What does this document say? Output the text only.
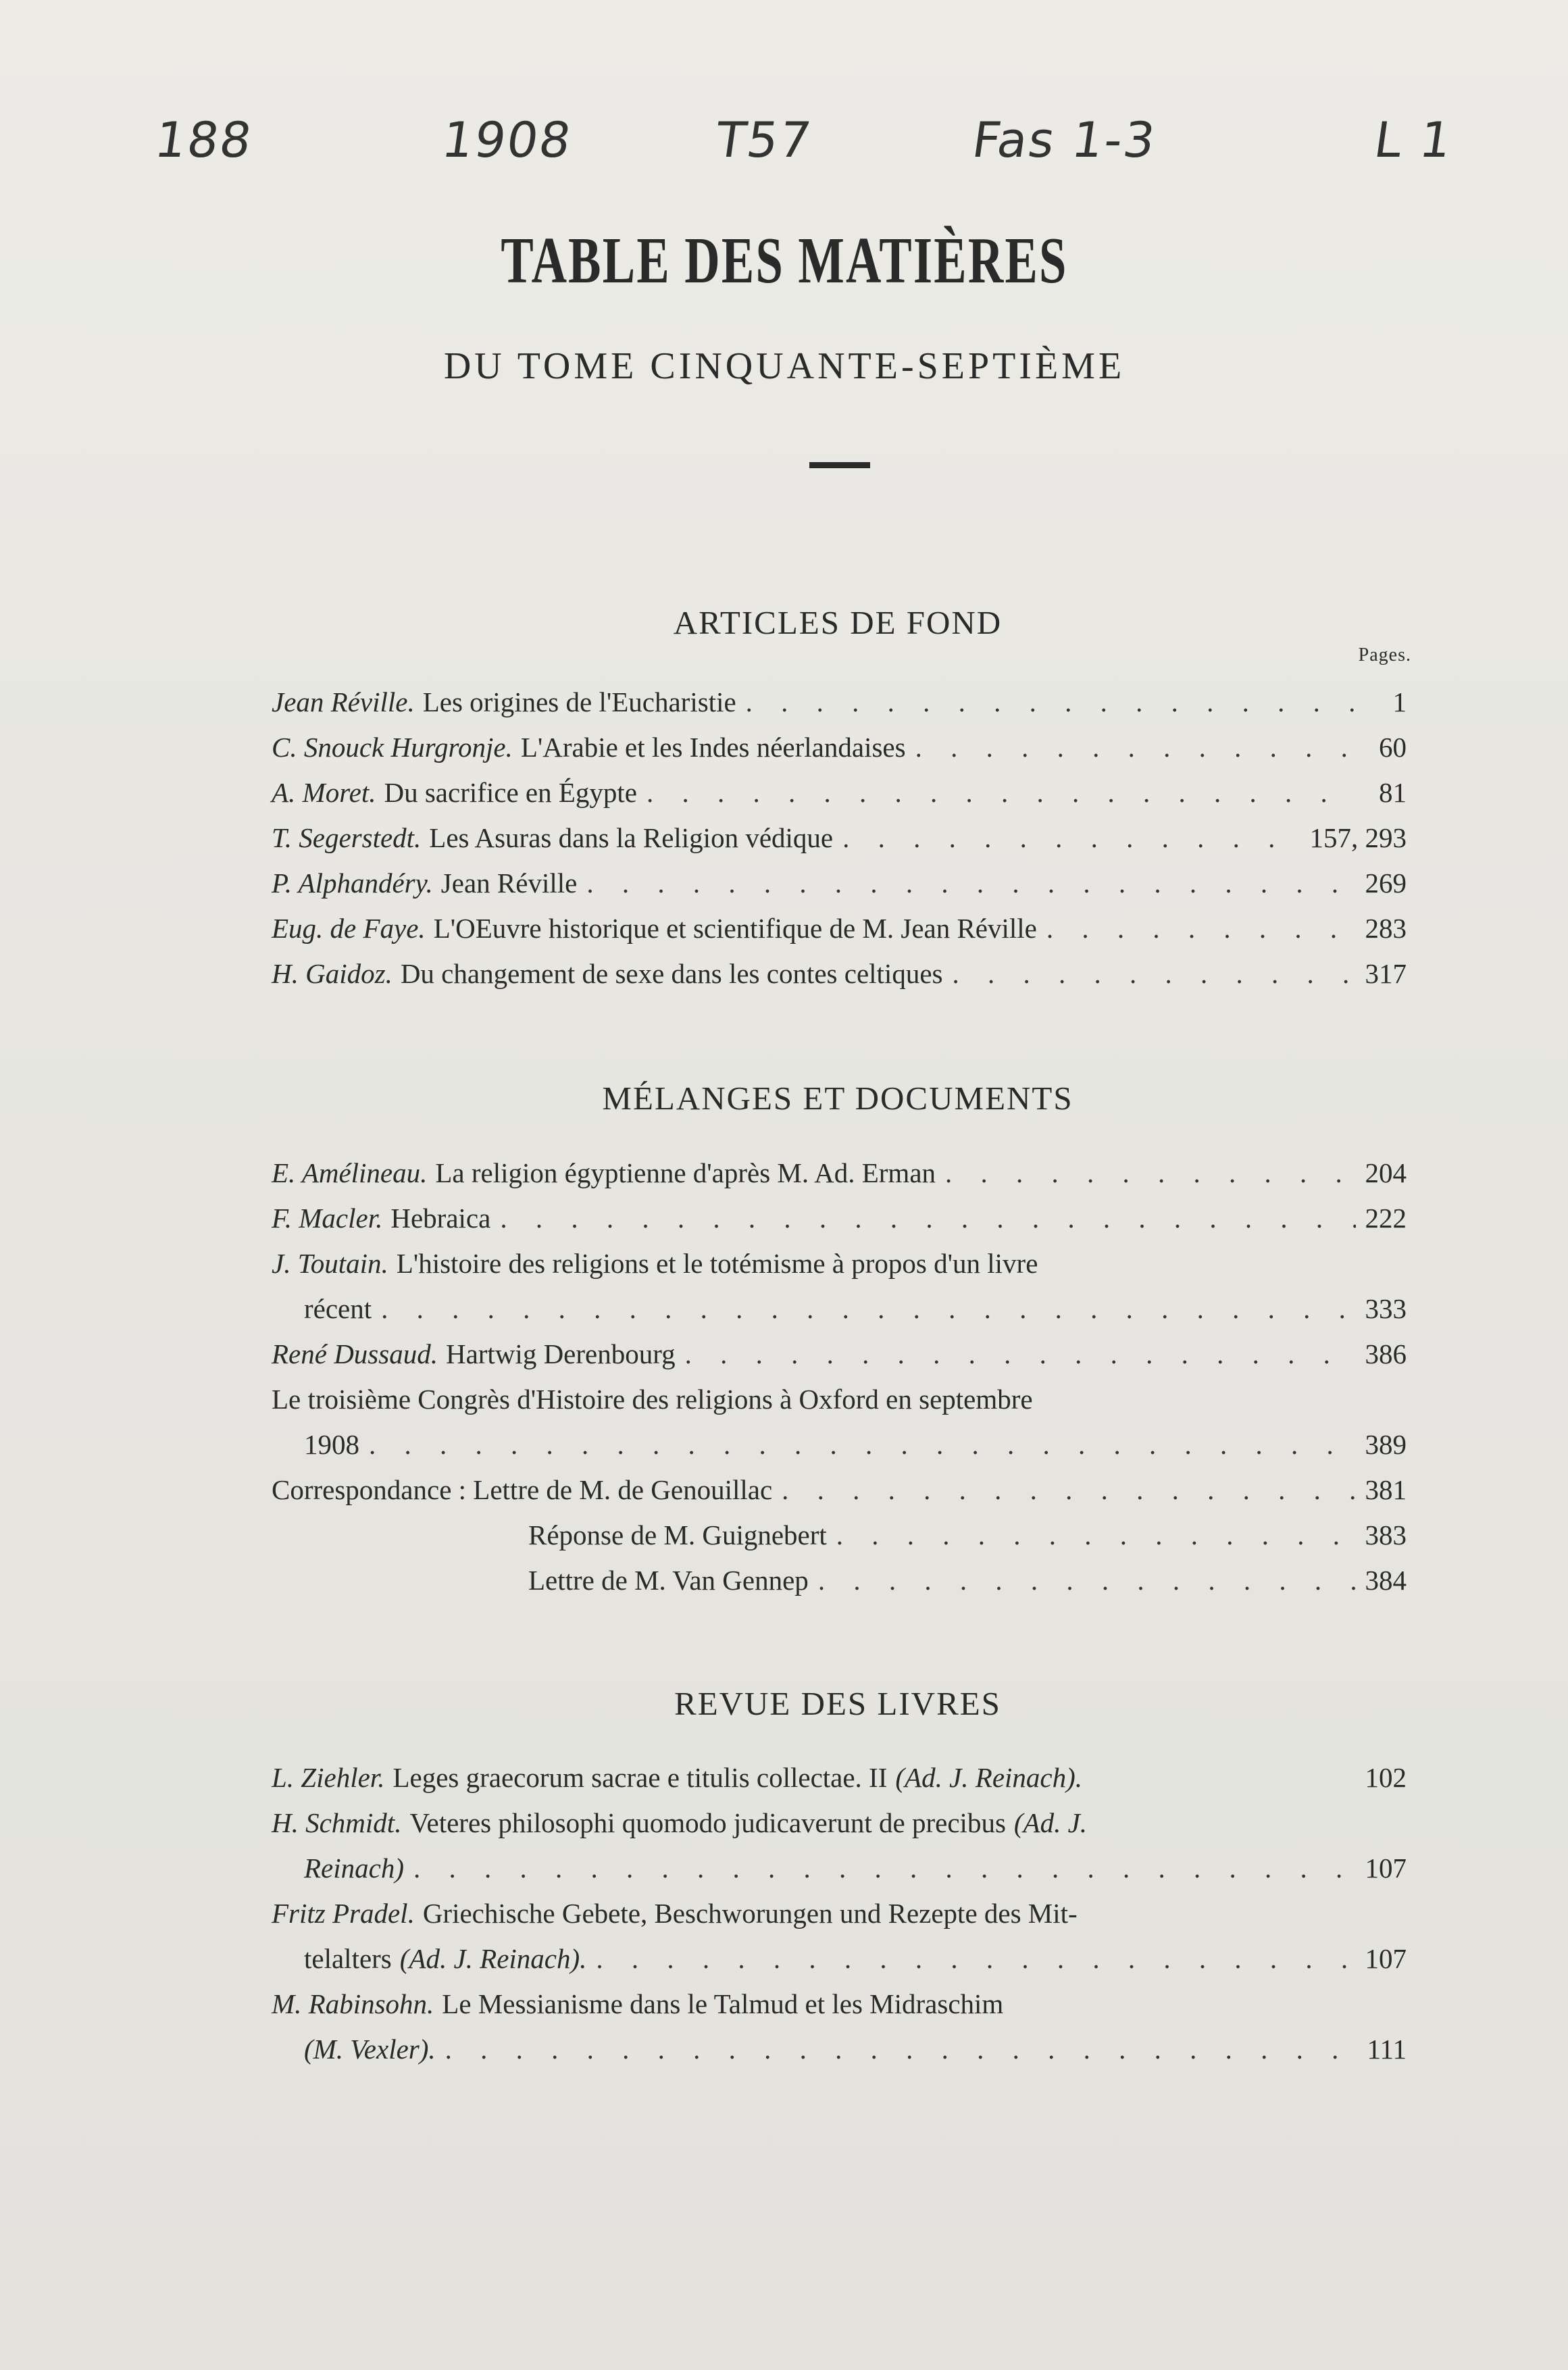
188	1908	T57	Fas 1-3	L 1
TABLE DES MATIÈRES
DU TOME CINQUANTE-SEPTIÈME
ARTICLES DE FOND
Pages.
Jean Réville. Les origines de l'Eucharistie . . .	1
C. Snouck Hurgronje. L'Arabie et les Indes néerlandaises . . .	60
A. Moret. Du sacrifice en Égypte . . .	81
T. Segerstedt. Les Asuras dans la Religion védique . . .	157, 293
P. Alphandéry. Jean Réville . . .	269
Eug. de Faye. L'OEuvre historique et scientifique de M. Jean Réville . . .	283
H. Gaidoz. Du changement de sexe dans les contes celtiques . . .	317
MÉLANGES ET DOCUMENTS
E. Amélineau. La religion égyptienne d'après M. Ad. Erman . . .	204
F. Macler. Hebraica . . .	222
J. Toutain. L'histoire des religions et le totémisme à propos d'un livre
récent . . .	333
René Dussaud. Hartwig Derenbourg . . .	386
Le troisième Congrès d'Histoire des religions à Oxford en septembre
1908 . . .	389
Correspondance : Lettre de M. de Genouillac . . .	381
Réponse de M. Guignebert . . .	383
Lettre de M. Van Gennep . . .	384
REVUE DES LIVRES
L. Ziehler. Leges graecorum sacrae e titulis collectae. II (Ad. J. Reinach).	102
H. Schmidt. Veteres philosophi quomodo judicaverunt de precibus (Ad. J.
Reinach) . . .	107
Fritz Pradel. Griechische Gebete, Beschworungen und Rezepte des Mit-
telalters (Ad. J. Reinach). . . .	107
M. Rabinsohn. Le Messianisme dans le Talmud et les Midraschim
(M. Vexler). . . .	111
